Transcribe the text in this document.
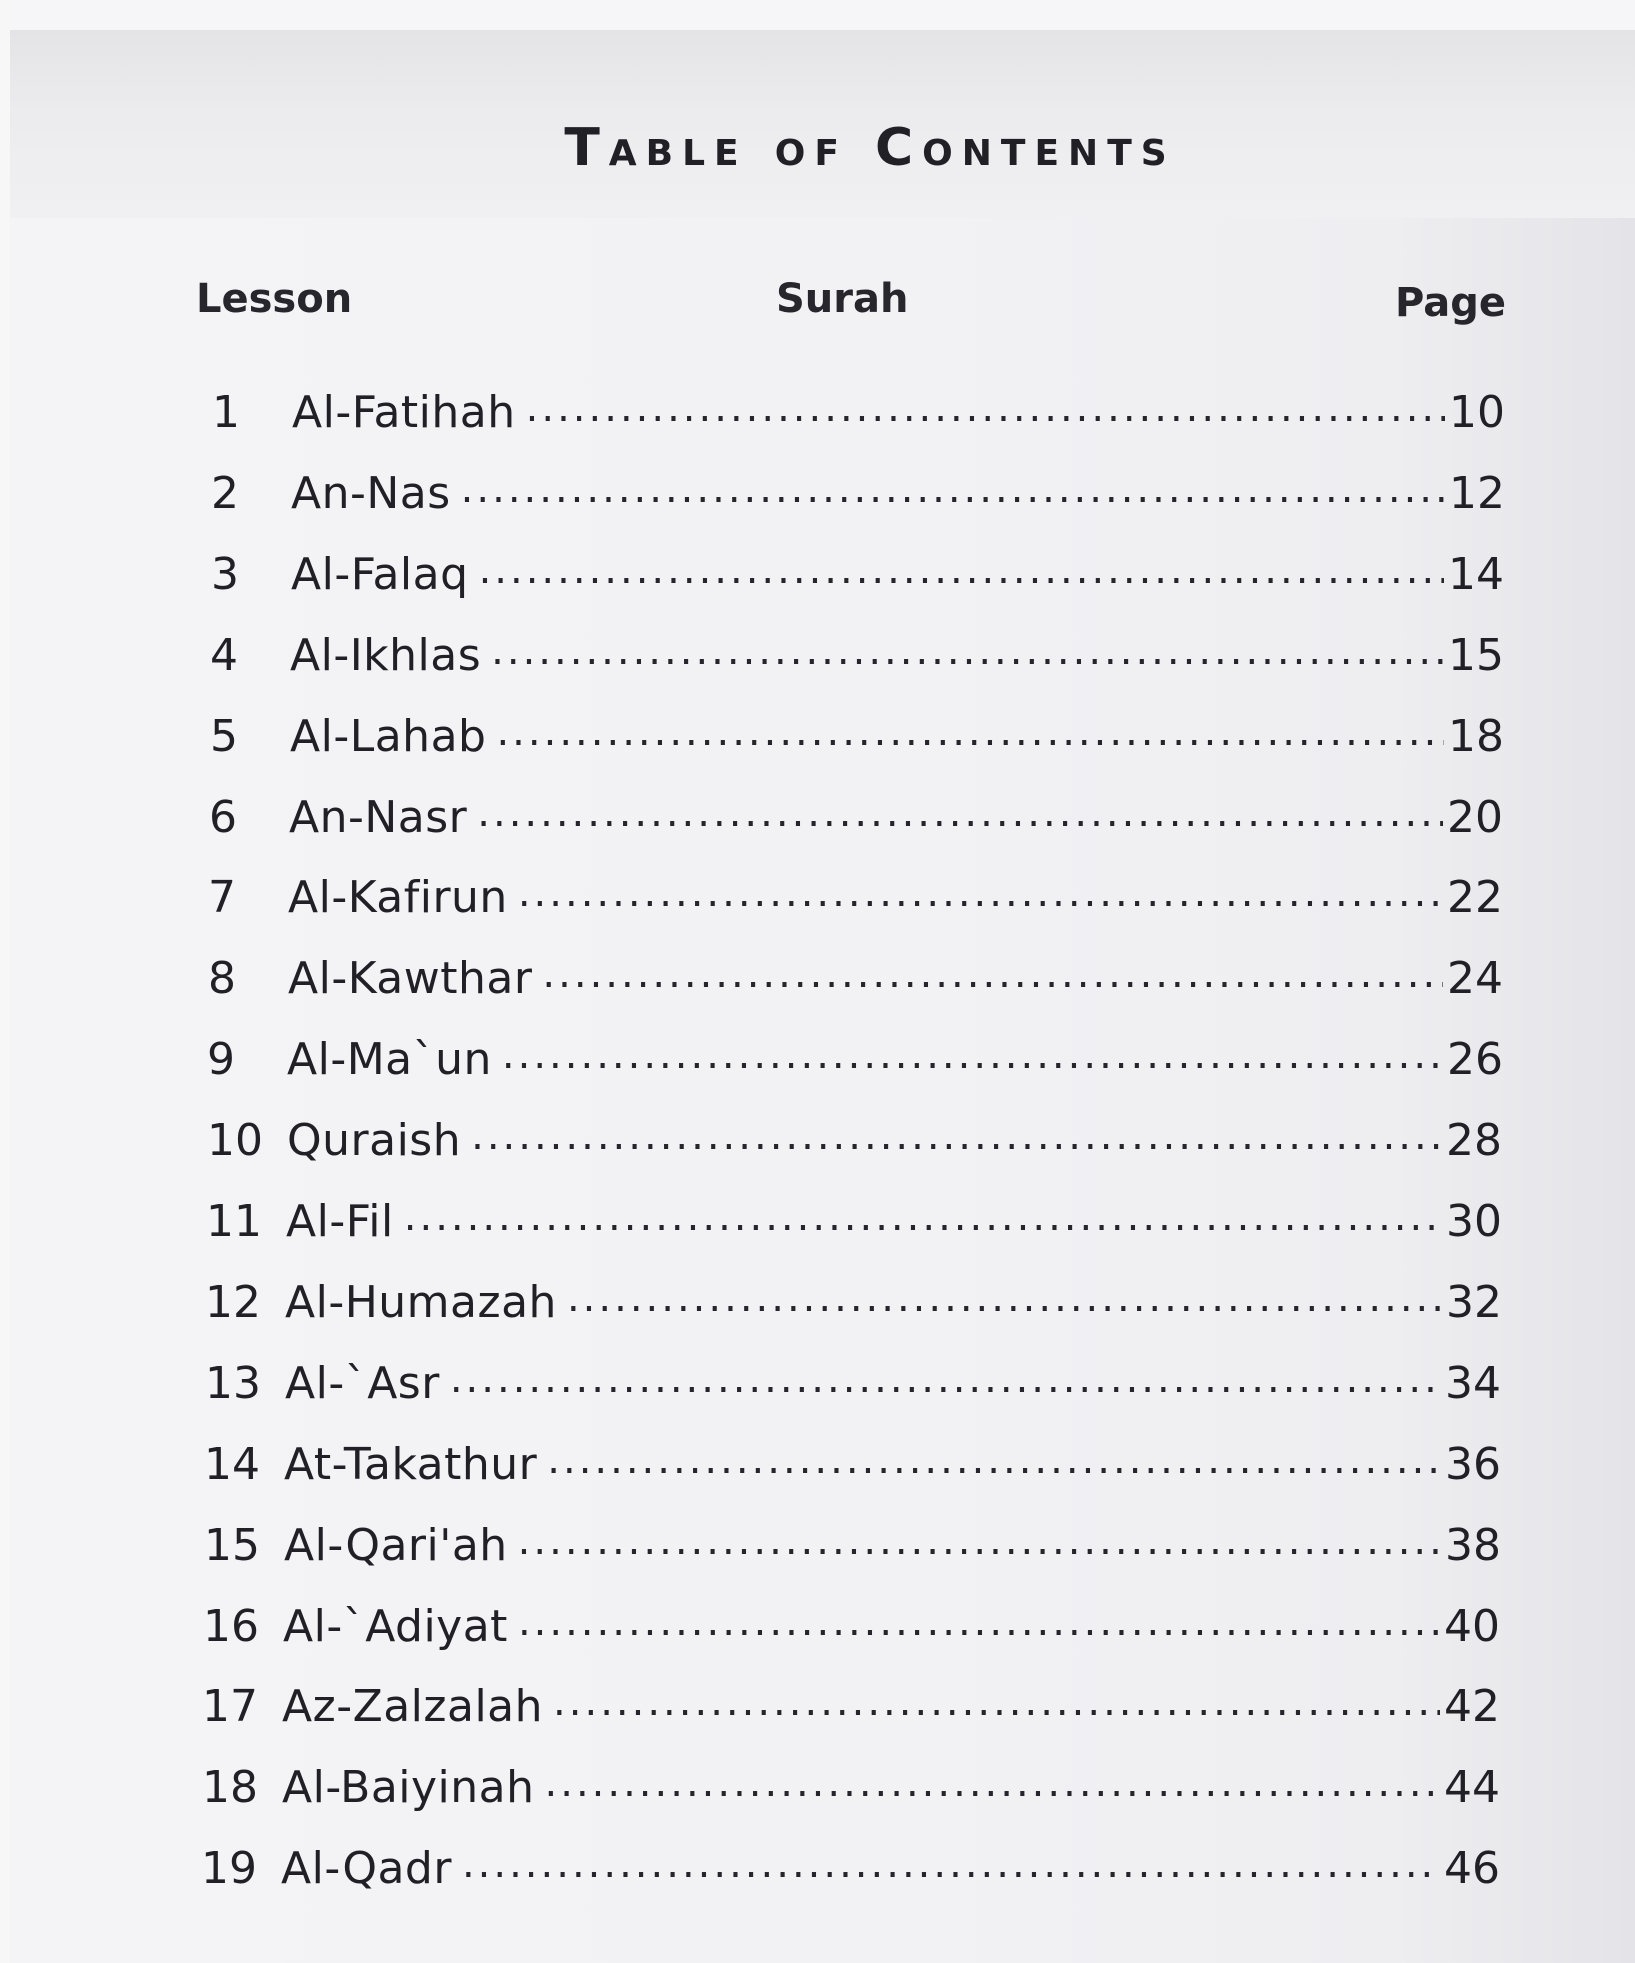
Table of Contents
Lesson	Surah	Page
1	Al-Fatihah .....	10
2	An-Nas .....	12
3	Al-Falaq .....	14
4	Al-Ikhlas .....	15
5	Al-Lahab .....	18
6	An-Nasr .....	20
7	Al-Kafirun .....	22
8	Al-Kawthar .....	24
9	Al-Ma`un .....	26
10 Quraish .....	28
11 Al-Fil .....	30
12 Al-Humazah .....	32
13 Al-`Asr .....	34
14 At-Takathur .....	36
15 Al-Qari'ah .....	38
16 Al-`Adiyat .....	40
17 Az-Zalzalah .....	42
18 Al-Baiyinah .....	44
19 Al-Qadr .....	46
